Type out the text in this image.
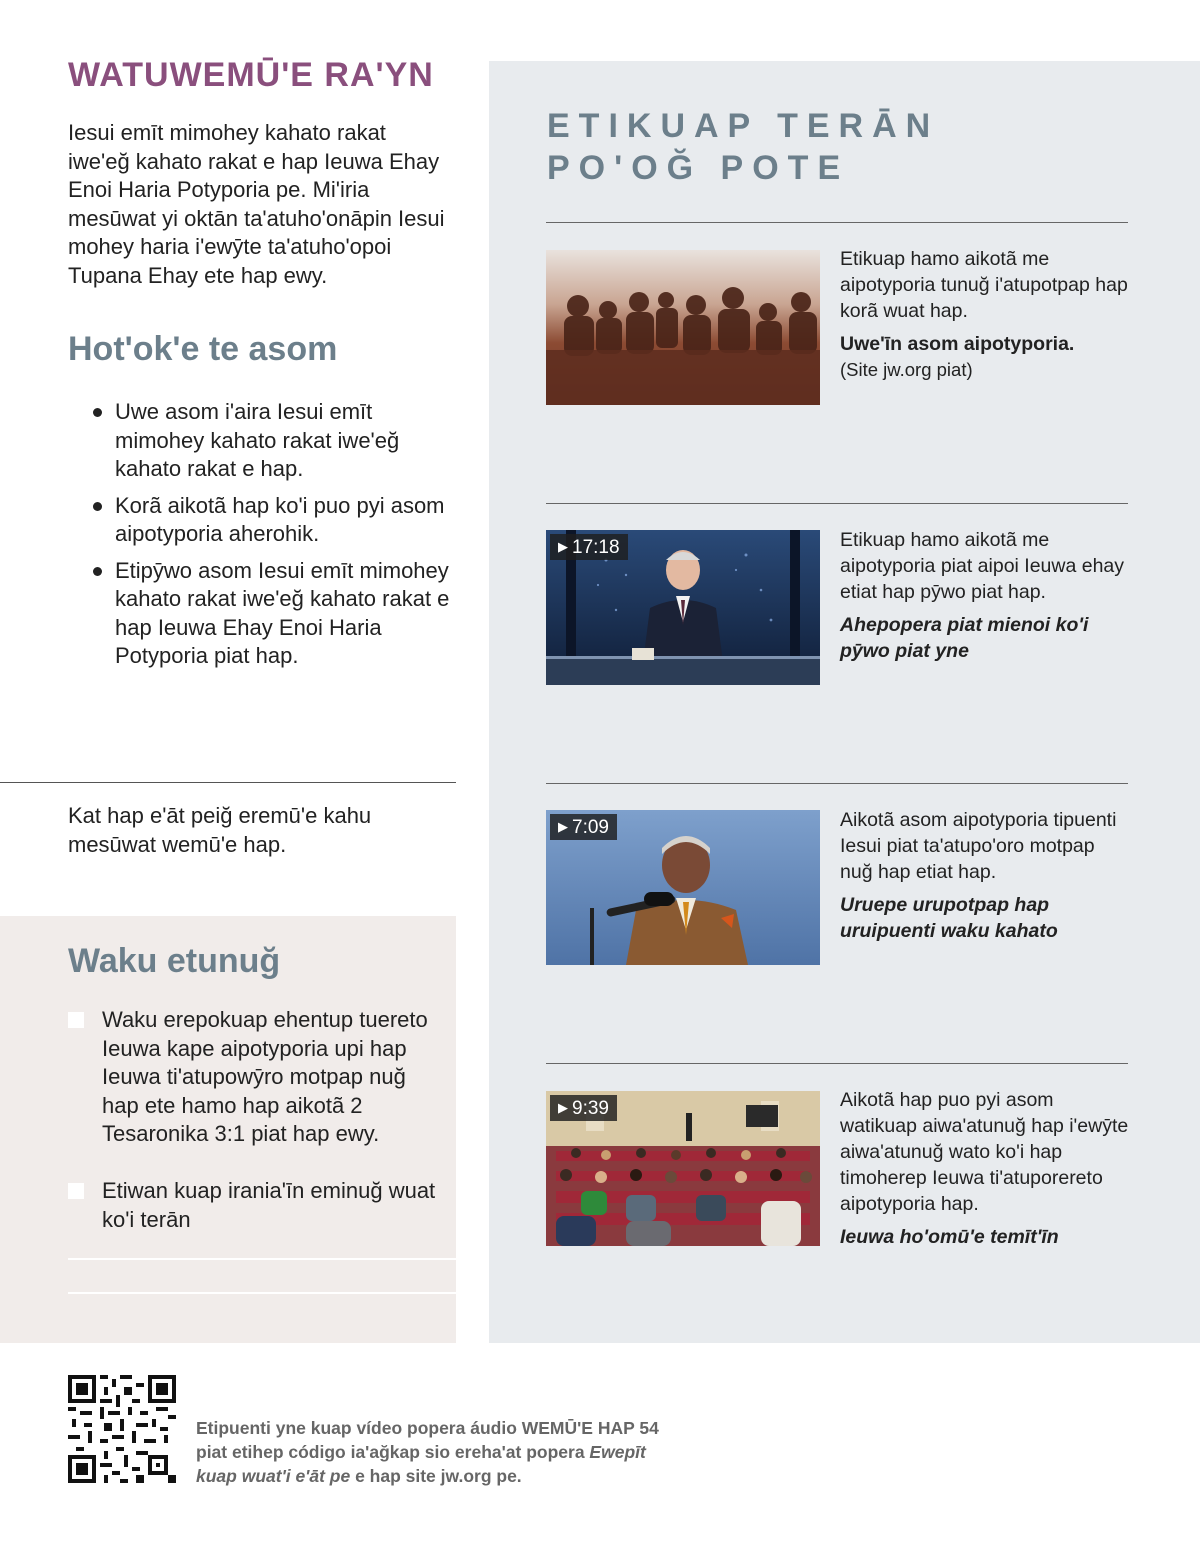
WATUWEMŪ'E RA'YN

Iesui emīt mimohey kahato rakat iwe'eğ kahato rakat e hap Ieuwa Ehay Enoi Haria Potyporia pe. Mi'iria mesūwat yi oktān ta'atuho'onāpin Iesui mohey haria i'ewȳte ta'atuho'opoi Tupana Ehay ete hap ewy.

Hot'ok'e te asom
Uwe asom i'aira Iesui emīt mimohey kahato rakat iwe'eğ kahato rakat e hap.
Korã aikotã hap ko'i puo pyi asom aipotyporia aherohik.
Etipȳwo asom Iesui emīt mimohey kahato rakat iwe'eğ kahato rakat e hap Ieuwa Ehay Enoi Haria Potyporia piat hap.

Kat hap e'āt peiğ eremū'e kahu mesūwat wemū'e hap.

Waku etunuğ
Waku erepokuap ehentup tuereto Ieuwa kape aipotyporia upi hap Ieuwa ti'atupowȳro motpap nuğ hap ete hamo hap aikotã 2 Tesaronika 3:1 piat hap ewy.
Etiwan kuap irania'īn eminuğ wuat ko'i terān
ETIKUAP TERĀN
PO'OĞ POTE
Etikuap hamo aikotã me aipotyporia tunuğ i'atupotpap hap korã wuat hap.
Uwe'īn asom aipotyporia.
(Site jw.org piat)
▶ 17:18	Etikuap hamo aikotã me aipotyporia piat aipoi Ieuwa ehay etiat hap pȳwo piat hap.
Ahepopera piat mienoi ko'i pȳwo piat yne
▶ 7:09	Aikotã asom aipotyporia tipuenti Iesui piat ta'atupo'oro motpap nuğ hap etiat hap.
Uruepe urupotpap hap uruipuenti waku kahato
▶ 9:39	Aikotã hap puo pyi asom watikuap aiwa'atunuğ hap i'ewȳte aiwa'atunuğ wato ko'i hap timoherep Ieuwa ti'atuporereto aipotyporia hap.
Ieuwa ho'omū'e temīt'īn

Etipuenti yne kuap vídeo popera áudio WEMŪ'E HAP 54 piat etihep código ia'ağkap sio ereha'at popera Ewepīt kuap wuat'i e'āt pe e hap site jw.org pe.
